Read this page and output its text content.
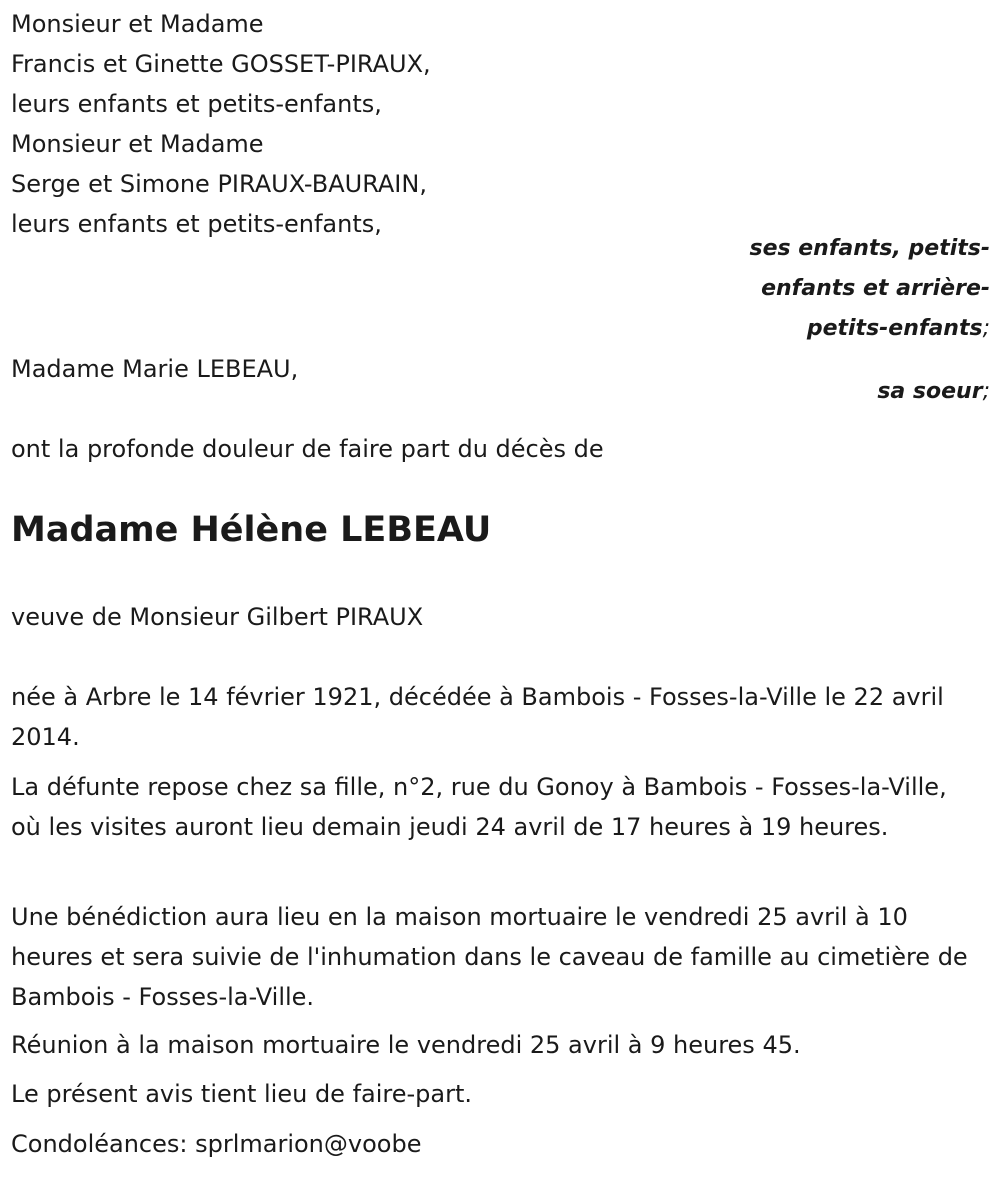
Monsieur et Madame
Francis et Ginette GOSSET-PIRAUX,
leurs enfants et petits-enfants,
Monsieur et Madame
Serge et Simone PIRAUX-BAURAIN,
leurs enfants et petits-enfants,
ses enfants, petits-
enfants et arrière-
petits-enfants;
Madame Marie LEBEAU,
sa soeur;
ont la profonde douleur de faire part du décès de
Madame Hélène LEBEAU
veuve de Monsieur Gilbert PIRAUX
née à Arbre le 14 février 1921, décédée à Bambois - Fosses-la-Ville le 22 avril 2014.
La défunte repose chez sa fille, n°2, rue du Gonoy à Bambois - Fosses-la-Ville, où les visites auront lieu demain jeudi 24 avril de 17 heures à 19 heures.
Une bénédiction aura lieu en la maison mortuaire le vendredi 25 avril à 10 heures et sera suivie de l'inhumation dans le caveau de famille au cimetière de Bambois - Fosses-la-Ville.
Réunion à la maison mortuaire le vendredi 25 avril à 9 heures 45.
Le présent avis tient lieu de faire-part.
Condoléances: sprlmarion@voobe
